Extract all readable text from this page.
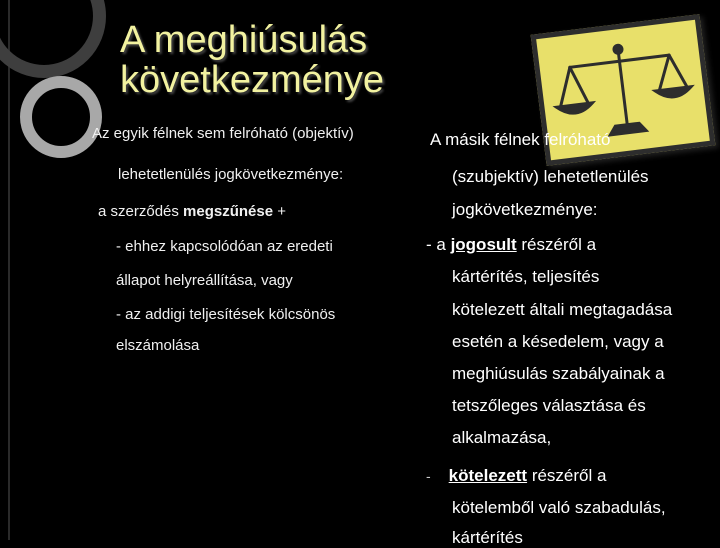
A meghiúsulás
következménye
Az egyik félnek sem felróható (objektív)
lehetetlenülés jogkövetkezménye:
a szerződés megszűnése +
- ehhez kapcsolódóan az eredeti
állapot helyreállítása, vagy
- az addigi teljesítések kölcsönös
elszámolása
A másik félnek felróható
(szubjektív) lehetetlenülés
jogkövetkezménye:
- a jogosult részéről a
kártérítés, teljesítés
kötelezett általi megtagadása
esetén a késedelem, vagy a
meghiúsulás szabályainak a
tetszőleges választása és
alkalmazása,
- kötelezett részéről a
kötelemből való szabadulás,
kártérítés
